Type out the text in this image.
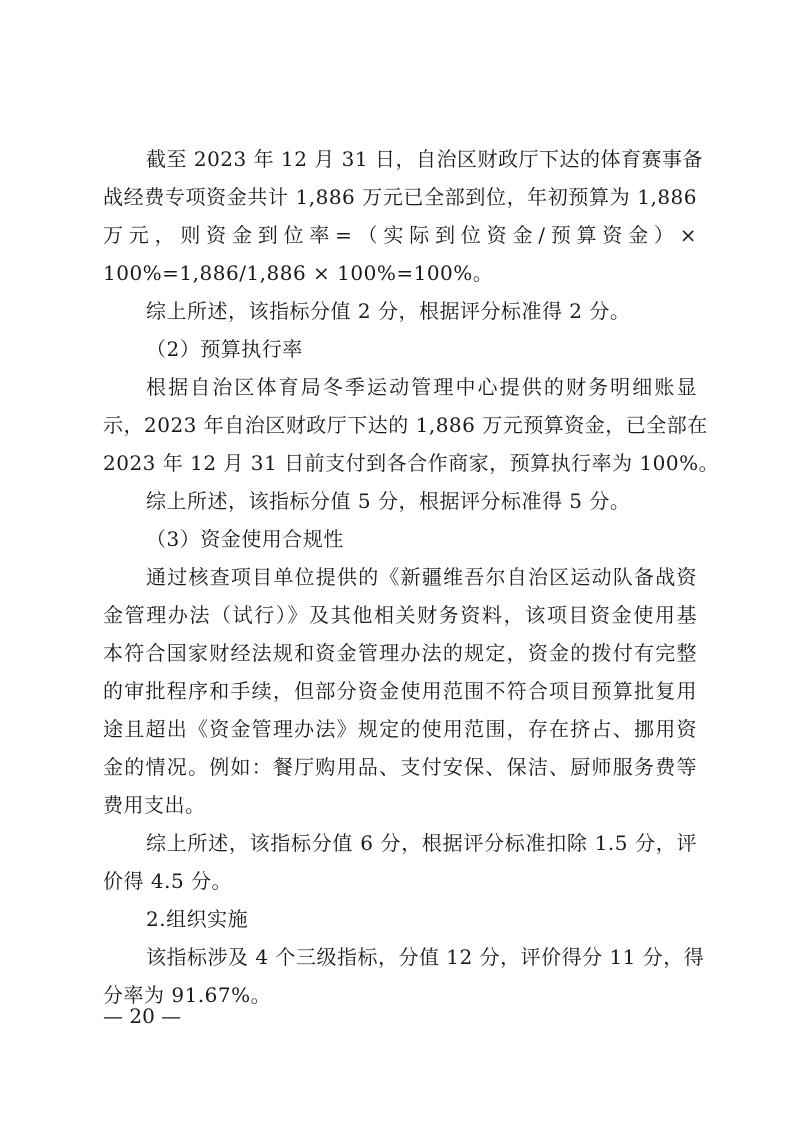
截至 2023 年 12 月 31 日，自治区财政厅下达的体育赛事备
战经费专项资金共计 1,886 万元已全部到位，年初预算为 1,886
万元，则资金到位率=（实际到位资金/预算资金）×
100%=1,886/1,886 × 100%=100%。
综上所述，该指标分值 2 分，根据评分标准得 2 分。
（2）预算执行率
根据自治区体育局冬季运动管理中心提供的财务明细账显
示，2023 年自治区财政厅下达的 1,886 万元预算资金，已全部在
2023 年 12 月 31 日前支付到各合作商家，预算执行率为 100%。
综上所述，该指标分值 5 分，根据评分标准得 5 分。
（3）资金使用合规性
通过核查项目单位提供的《新疆维吾尔自治区运动队备战资
金管理办法（试行）》及其他相关财务资料，该项目资金使用基
本符合国家财经法规和资金管理办法的规定，资金的拨付有完整
的审批程序和手续，但部分资金使用范围不符合项目预算批复用
途且超出《资金管理办法》规定的使用范围，存在挤占、挪用资
金的情况。例如：餐厅购用品、支付安保、保洁、厨师服务费等
费用支出。
综上所述，该指标分值 6 分，根据评分标准扣除 1.5 分，评
价得 4.5 分。
2.组织实施
该指标涉及 4 个三级指标，分值 12 分，评价得分 11 分，得
分率为 91.67%。
— 20 —
